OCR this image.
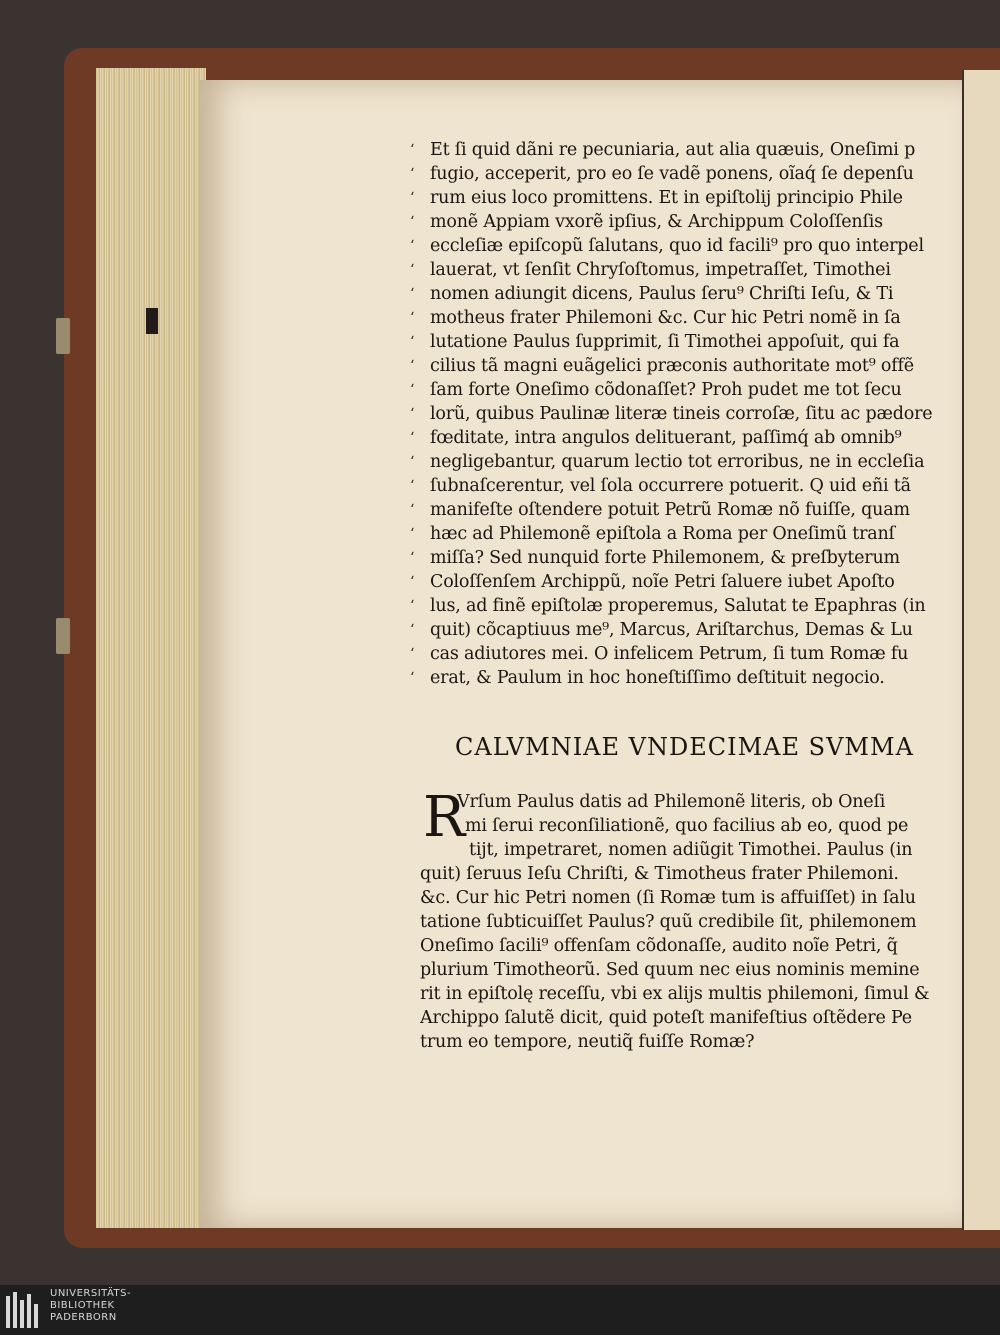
‘
‘
‘
‘
‘
‘
‘
‘
‘
‘
‘
‘
‘
‘
‘
‘
‘
‘
‘
‘
‘
‘
‘
Et ſi quid dãni re pecuniaria, aut alia quæuis, Oneſimi p
fugio, acceperit, pro eo ſe vadẽ ponens, oĩaq́ ſe depenſu
rum eius loco promittens. Et in epiſtolij principio Phile
monẽ Appiam vxorẽ ipſius, & Archippum Coloſſenſis
eccleſiæ epiſcopũ ſalutans, quo id facili⁹ pro quo interpel
lauerat, vt ſenſit Chryſoſtomus, impetraſſet, Timothei
nomen adiungit dicens, Paulus ſeru⁹ Chriſti Ieſu, & Ti
motheus frater Philemoni &c. Cur hic Petri nomẽ in ſa
lutatione Paulus ſupprimit, ſi Timothei appoſuit, qui fa
cilius tã magni euãgelici præconis authoritate mot⁹ offẽ
ſam forte Oneſimo cõdonaſſet? Proh pudet me tot ſecu
lorũ, quibus Paulinæ literæ tineis corroſæ, ſitu ac pædore
fœditate, intra angulos delituerant, paſſimq́ ab omnib⁹
negligebantur, quarum lectio tot erroribus, ne in eccleſia
ſubnaſcerentur, vel ſola occurrere potuerit. Q uid eñi tã
manifeſte oſtendere potuit Petrũ Romæ nõ fuiſſe, quam
hæc ad Philemonẽ epiſtola a Roma per Oneſimũ tranſ
miſſa? Sed nunquid forte Philemonem, & preſbyterum
Coloſſenſem Archippũ, noĩe Petri ſaluere iubet Apoſto
lus, ad finẽ epiſtolæ properemus, Salutat te Epaphras (in
quit) cõcaptiuus me⁹, Marcus, Ariſtarchus, Demas & Lu
cas adiutores mei. O infelicem Petrum, ſi tum Romæ fu
erat, & Paulum in hoc honeſtiſſimo deſtituit negocio.
CALVMNIAE VNDECIMAE SVMMA
R
Vrſum Paulus datis ad Philemonẽ literis, ob Oneſi
mi ſerui reconſiliationẽ, quo facilius ab eo, quod pe
tijt, impetraret, nomen adiũgit Timothei. Paulus (in
quit) ſeruus Ieſu Chriſti, & Timotheus frater Philemoni.
&c. Cur hic Petri nomen (ſi Romæ tum is affuiſſet) in ſalu
tatione ſubticuiſſet Paulus? quũ credibile ſit, philemonem
Oneſimo ſacili⁹ offenſam cõdonaſſe, audito noĩe Petri, q̃
plurium Timotheorũ. Sed quum nec eius nominis memine
rit in epiſtolę receſſu, vbi ex alijs multis philemoni, ſimul &
Archippo ſalutẽ dicit, quid poteſt manifeſtius oſtẽdere Pe
trum eo tempore, neutiq̃ fuiſſe Romæ?
UNIVERSITÄTS-
BIBLIOTHEK
PADERBORN
